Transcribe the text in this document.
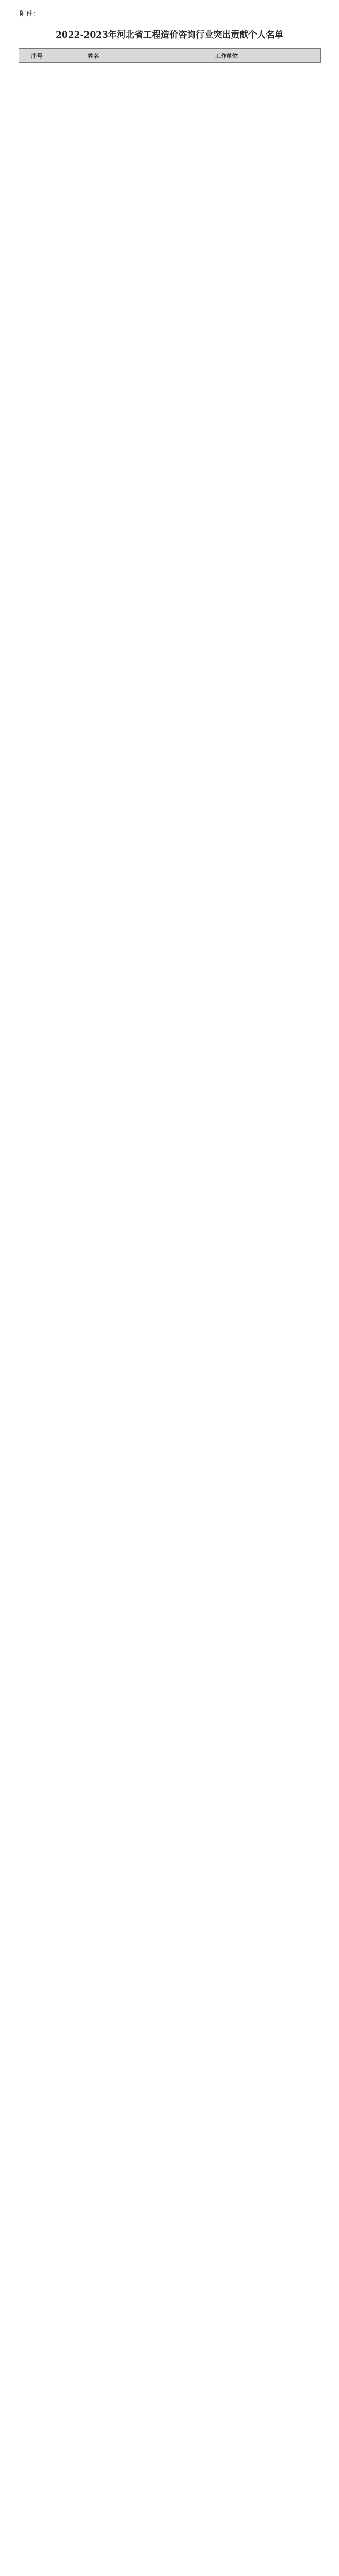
附件：
2022-2023年河北省工程造价咨询行业突出贡献个人名单
序号	姓名	工作单位
